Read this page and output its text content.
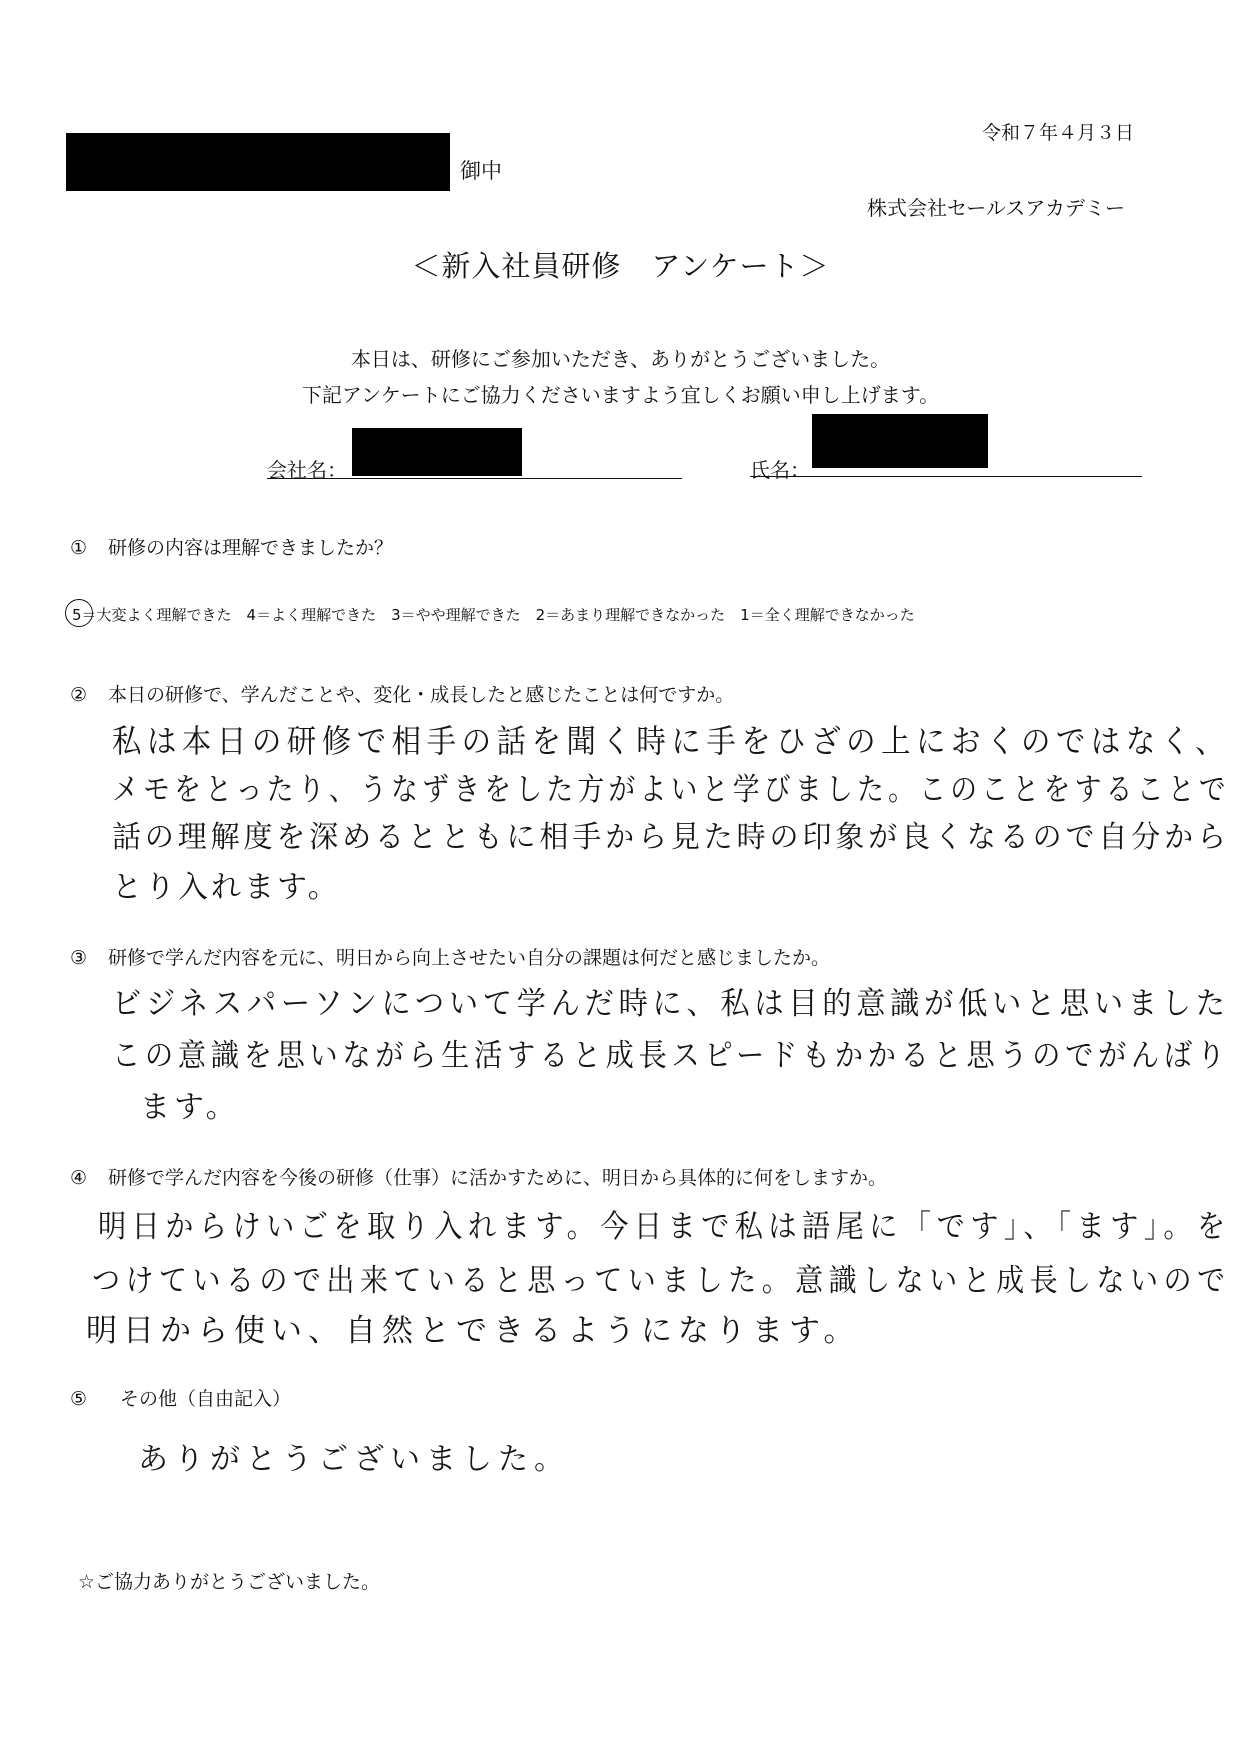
御中
令和７年４月３日
株式会社セールスアカデミー
＜新入社員研修　アンケート＞
本日は、研修にご参加いただき、ありがとうございました。
下記アンケートにご協力くださいますよう宜しくお願い申し上げます。
会社名：	氏名：
① 研修の内容は理解できましたか？
5＝大変よく理解できた　4＝よく理解できた　3＝やや理解できた　2＝あまり理解できなかった　1＝全く理解できなかった
② 本日の研修で、学んだことや、変化・成長したと感じたことは何ですか。
私は本日の研修で相手の話を聞く時に手をひざの上におくのではなく、
メモをとったり、うなずきをした方がよいと学びました。このことをすることで
話の理解度を深めるとともに相手から見た時の印象が良くなるので自分から
とり入れます。
③ 研修で学んだ内容を元に、明日から向上させたい自分の課題は何だと感じましたか。
ビジネスパーソンについて学んだ時に、私は目的意識が低いと思いました
この意識を思いながら生活すると成長スピードもかかると思うのでがんばり
ます。
④ 研修で学んだ内容を今後の研修（仕事）に活かすために、明日から具体的に何をしますか。
明日からけいごを取り入れます。今日まで私は語尾に「です」、「ます」。を
つけているので出来ていると思っていました。意識しないと成長しないので
明日から使い、自然とできるようになります。
⑤ その他（自由記入）
ありがとうございました。
☆ご協力ありがとうございました。
